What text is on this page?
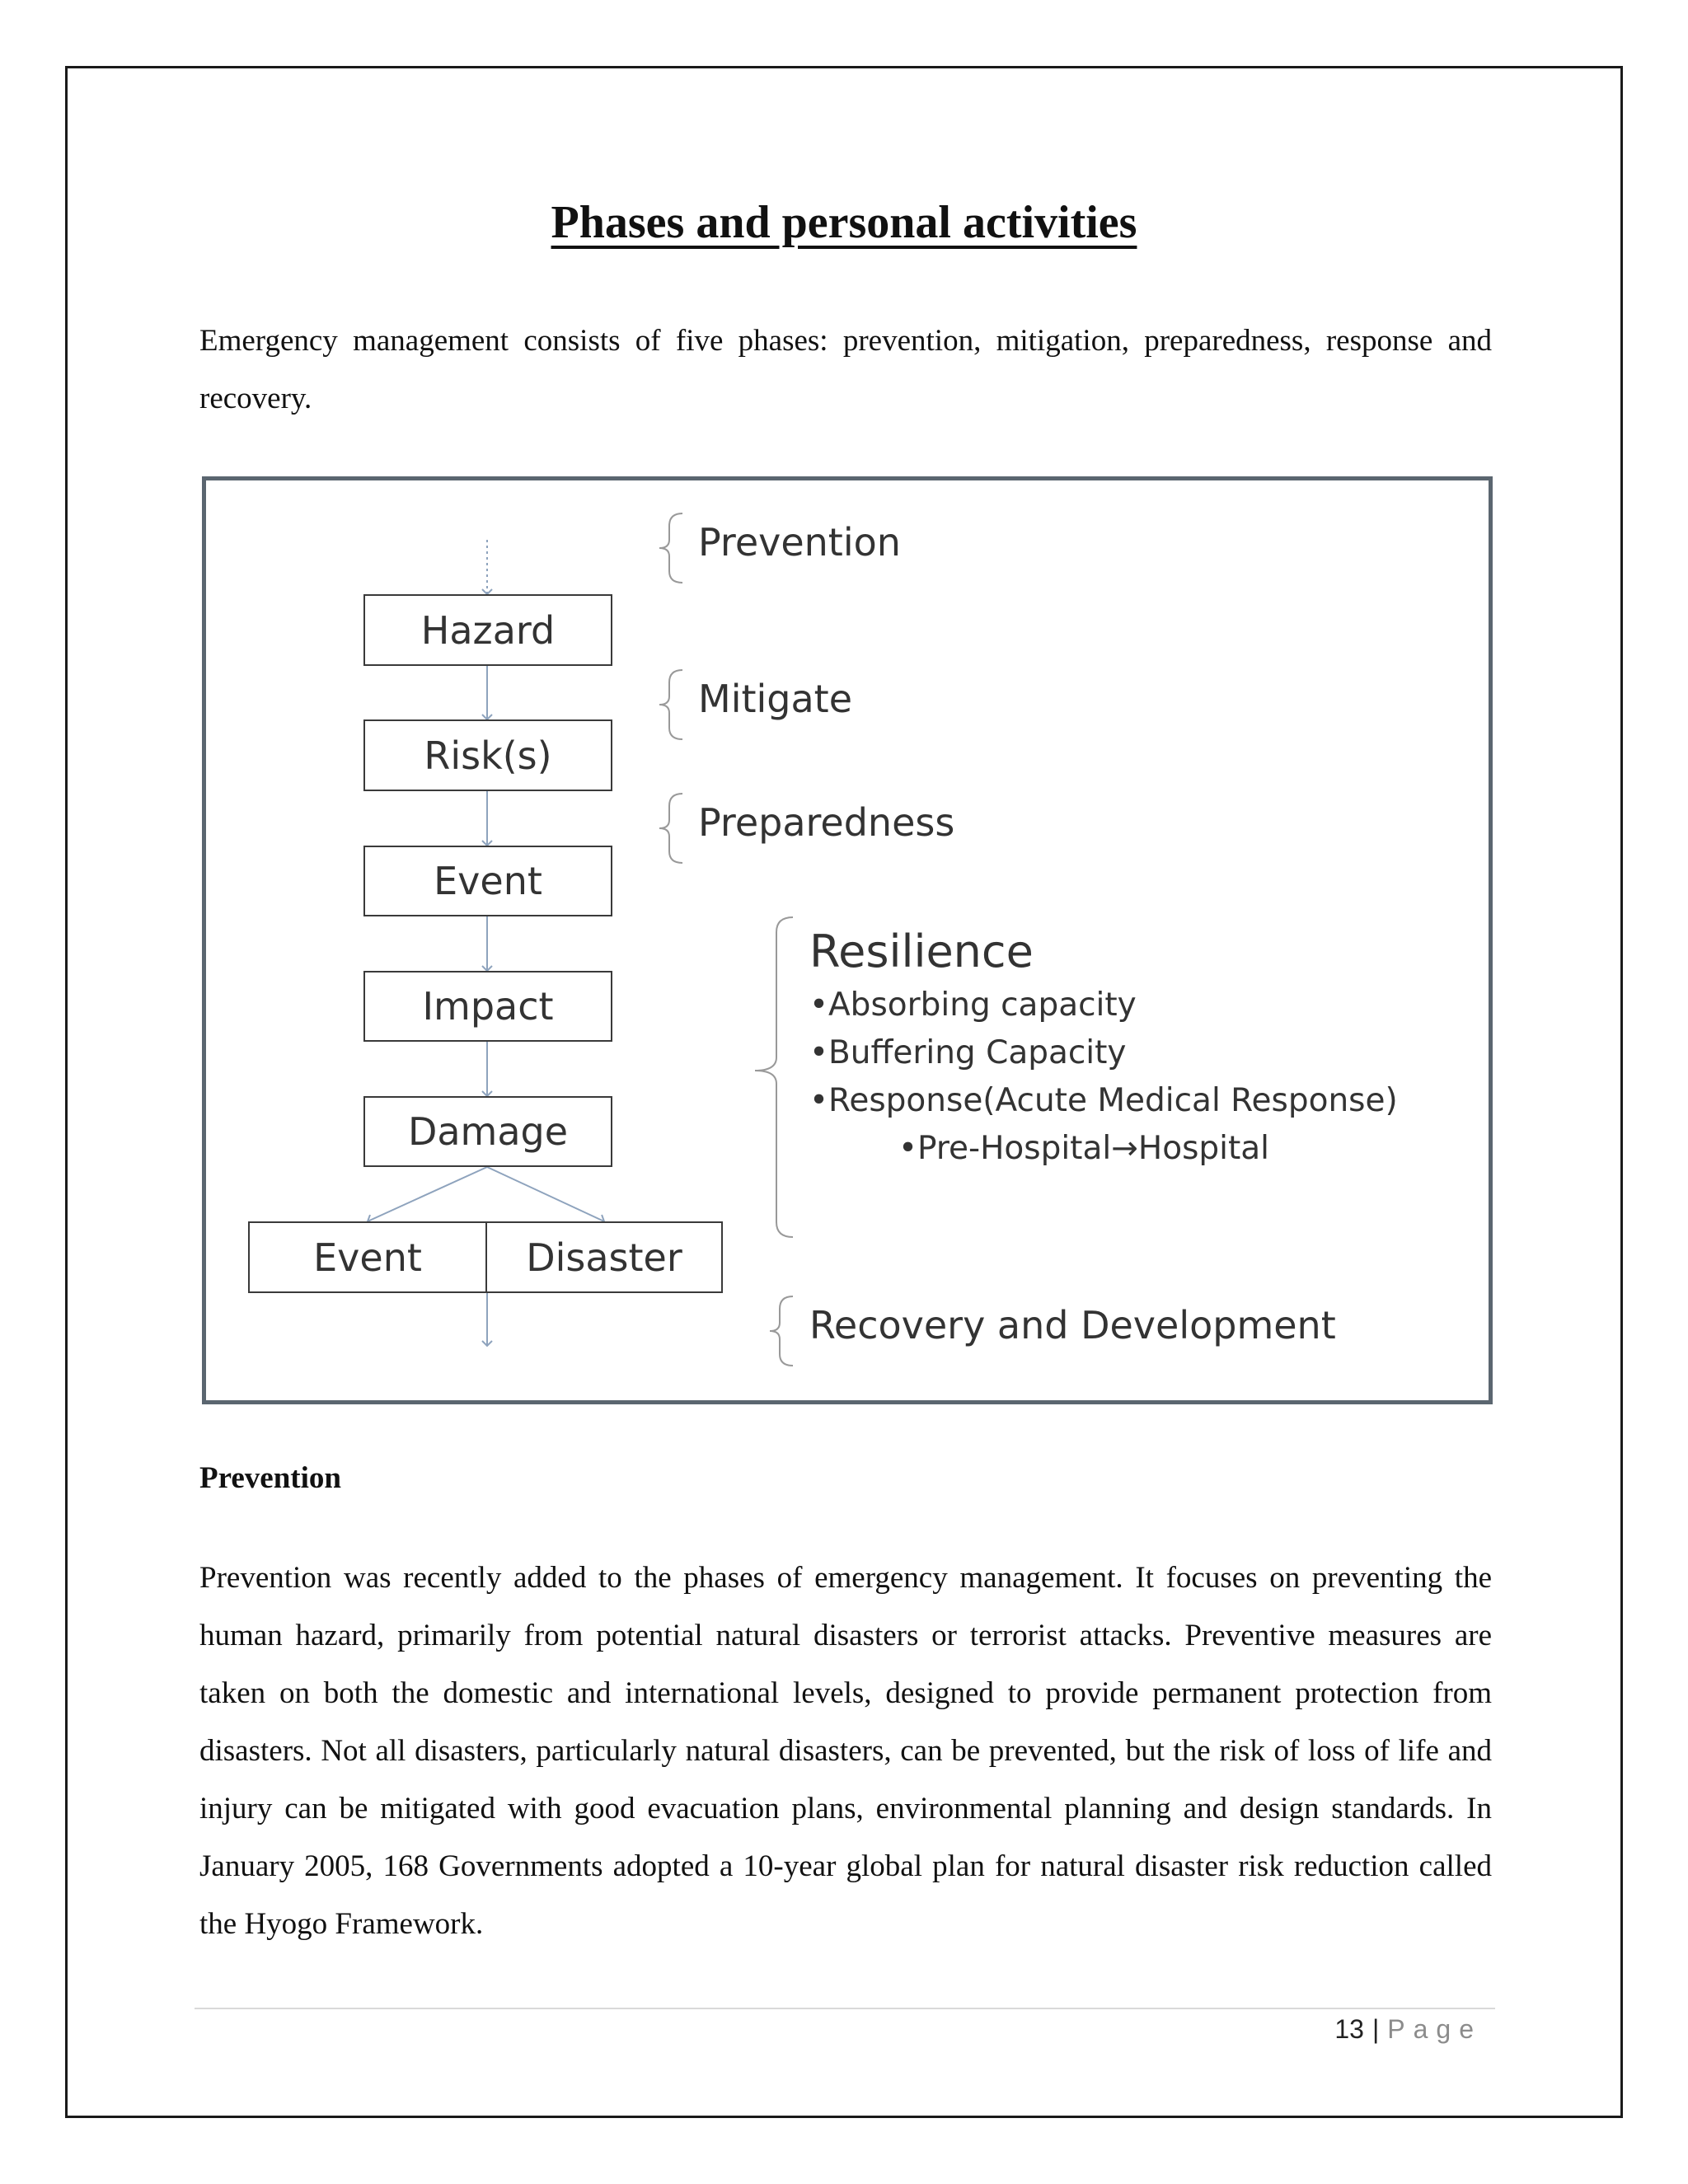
Phases and personal activities
Emergency management consists of five phases: prevention, mitigation, preparedness, response and recovery.
Hazard
Risk(s)
Event
Impact
Damage
Event	Disaster
Prevention
Mitigate
Preparedness
Recovery and Development
Resilience
•Absorbing capacity
•Buffering Capacity
•Response(Acute Medical Response)
•Pre-Hospital→Hospital
Prevention
Prevention was recently added to the phases of emergency management. It focuses on preventing the human hazard, primarily from potential natural disasters or terrorist attacks. Preventive measures are taken on both the domestic and international levels, designed to provide permanent protection from disasters. Not all disasters, particularly natural disasters, can be prevented, but the risk of loss of life and injury can be mitigated with good evacuation plans, environmental planning and design standards. In January 2005, 168 Governments adopted a 10-year global plan for natural disaster risk reduction called the Hyogo Framework.
13 | Page
